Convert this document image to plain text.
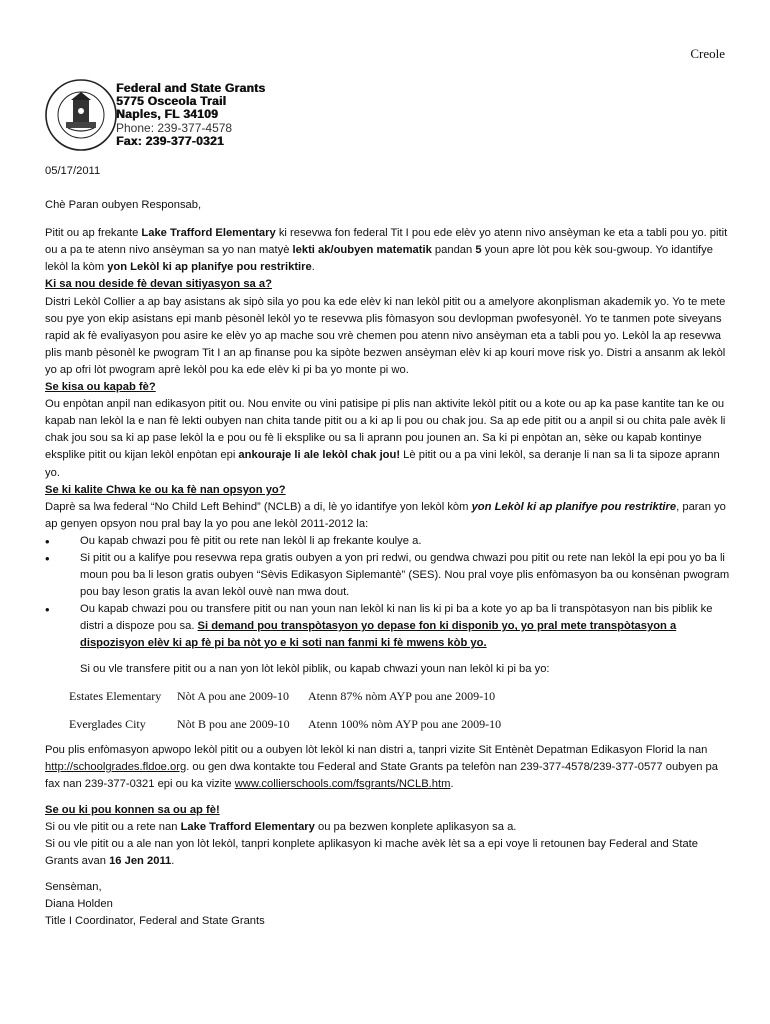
Creole
Federal and State Grants
5775 Osceola Trail
Naples, FL 34109
Phone: 239-377-4578
Fax: 239-377-0321

05/17/2011

Chè Paran oubyen Responsab,

Pitit ou ap frekante Lake Trafford Elementary ki resevwa fon federal Tit I pou ede elèv yo atenn nivo ansèyman ke eta a tabli pou yo. pitit ou a pa te atenn nivo ansèyman sa yo nan matyè lekti ak/oubyen matematik pandan 5 youn apre lòt pou kèk sou-gwoup. Yo idantifye lekòl la kòm yon Lekòl ki ap planifye pou restriktire.

Ki sa nou deside fè devan sitiyasyon sa a?

Distri Lekòl Collier a ap bay asistans ak sipò sila yo pou ka ede elèv ki nan lekòl pitit ou a amelyore akonplisman akademik yo. Yo te mete sou pye yon ekip asistans epi manb pèsonèl lekòl yo te resevwa plis fòmasyon sou devlopman pwofesyonèl. Yo te tanmen pote siveyans rapid ak fè evaliyasyon pou asire ke elèv yo ap mache sou vrè chemen pou atenn nivo ansèyman eta a tabli pou yo. Lekòl la ap resevwa plis manb pèsonèl ke pwogram Tit I an ap finanse pou ka sipòte bezwen ansèyman elèv ki ap kouri move risk yo. Distri a ansanm ak lekòl yo ap ofri lòt pwogram aprè lekòl pou ka ede elèv ki pi ba yo monte pi wo.

Se kisa ou kapab fè?

Ou enpòtan anpil nan edikasyon pitit ou. Nou envite ou vini patisipe pi plis nan aktivite lekòl pitit ou a kote ou ap ka pase kantite tan ke ou kapab nan lekòl la e nan fè lekti oubyen nan chita tande pitit ou a ki ap li pou ou chak jou. Sa ap ede pitit ou a anpil si ou chita pale avèk li chak jou sou sa ki ap pase lekòl la e pou ou fè li eksplike ou sa li aprann pou jounen an. Sa ki pi enpòtan an, sèke ou kapab kontinye eksplike pitit ou kijan lekòl enpòtan epi ankouraje li ale lekòl chak jou! Lè pitit ou a pa vini lekòl, sa deranje li nan sa li ta sipoze aprann yo.

Se ki kalite Chwa ke ou ka fè nan opsyon yo?

Daprè sa lwa federal “No Child Left Behind” (NCLB) a di, lè yo idantifye yon lekòl kòm yon Lekòl ki ap planifye pou restriktire, paran yo ap genyen opsyon nou pral bay la yo pou ane lekòl 2011-2012 la:

• Ou kapab chwazi pou fè pitit ou rete nan lekòl li ap frekante koulye a.
• Si pitit ou a kalifye pou resevwa repa gratis oubyen a yon pri redwi, ou gendwa chwazi pou pitit ou rete nan lekòl la epi pou yo ba li moun pou ba li leson gratis oubyen “Sèvis Edikasyon Siplemantè” (SES). Nou pral voye plis enfòmasyon ba ou konsènan pwogram pou bay leson gratis la avan lekòl ouvè nan mwa dout.
• Ou kapab chwazi pou ou transfere pitit ou nan youn nan lekòl ki nan lis ki pi ba a kote yo ap ba li transpòtasyon nan bis piblik ke distri a dispoze pou sa. Si demand pou transpòtasyon yo depase fon ki disponib yo, yo pral mete transpòtasyon a dispozisyon elèv ki ap fè pi ba nòt yo e ki soti nan fanmi ki fè mwens kòb yo.

Si ou vle transfere pitit ou a nan yon lòt lekòl piblik, ou kapab chwazi youn nan lekòl ki pi ba yo:

Estates Elementary	Nòt A pou ane 2009-10	Atenn 87% nòm AYP pou ane 2009-10
Everglades City	Nòt B pou ane 2009-10	Atenn 100% nòm AYP pou ane 2009-10

Pou plis enfòmasyon apwopo lekòl pitit ou a oubyen lòt lekòl ki nan distri a, tanpri vizite Sit Entènèt Depatman Edikasyon Florid la nan http://schoolgrades.fldoe.org. ou gen dwa kontakte tou Federal and State Grants pa telefòn nan 239-377-4578/239-377-0577 oubyen pa fax nan 239-377-0321 epi ou ka vizite www.collierschools.com/fsgrants/NCLB.htm.

Se ou ki pou konnen sa ou ap fè!

Si ou vle pitit ou a rete nan Lake Trafford Elementary ou pa bezwen konplete aplikasyon sa a.

Si ou vle pitit ou a ale nan yon lòt lekòl, tanpri konplete aplikasyon ki mache avèk lèt sa a epi voye li retounen bay Federal and State Grants avan 16 Jen 2011.

Sensèman,

Diana Holden

Title I Coordinator, Federal and State Grants
